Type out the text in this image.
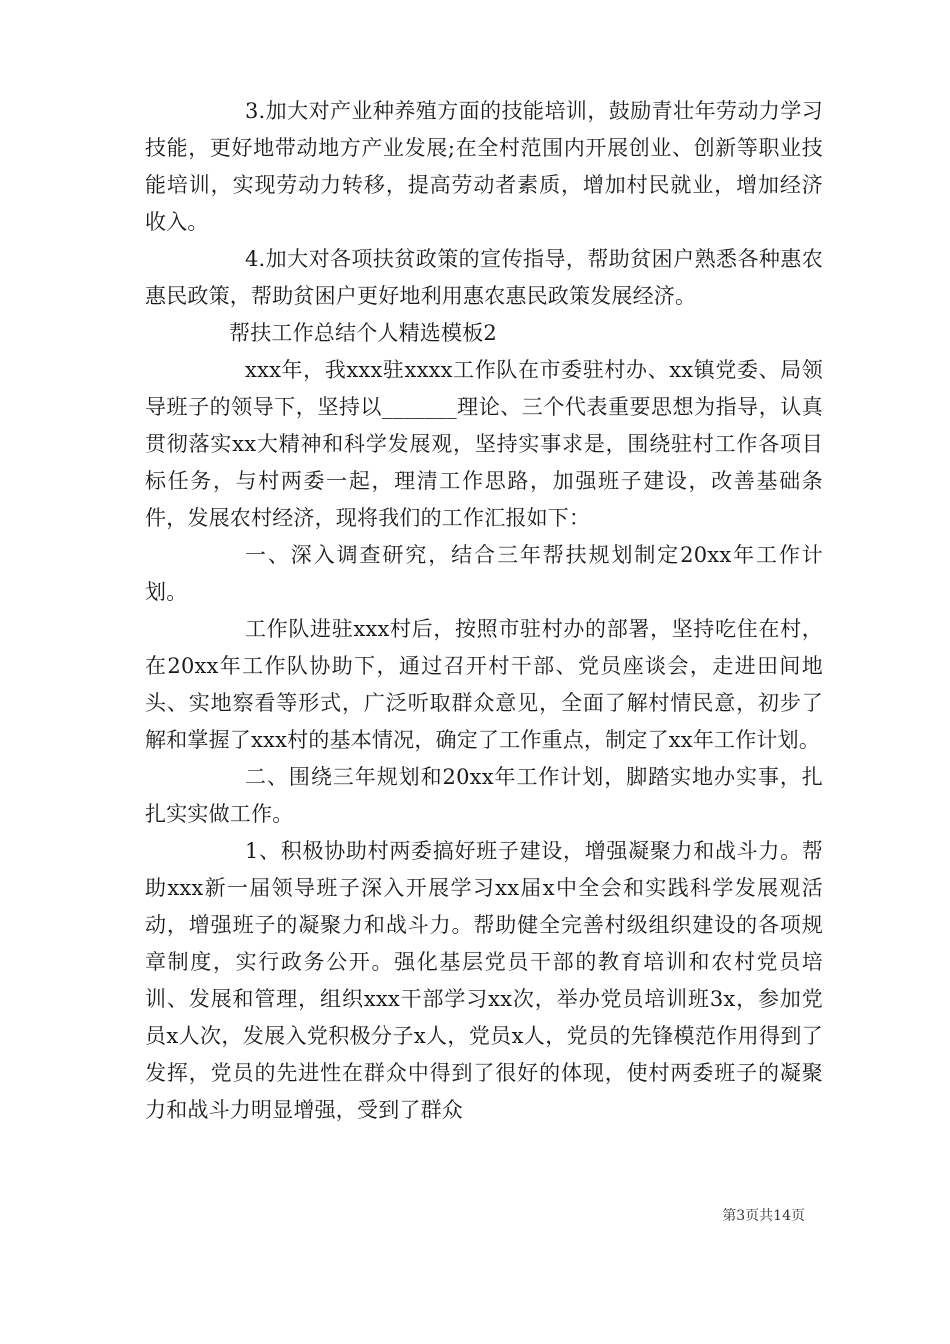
3.加大对产业种养殖方面的技能培训，鼓励青壮年劳动力学习技能，更好地带动地方产业发展;在全村范围内开展创业、创新等职业技能培训，实现劳动力转移，提高劳动者素质，增加村民就业，增加经济收入。

4.加大对各项扶贫政策的宣传指导，帮助贫困户熟悉各种惠农惠民政策，帮助贫困户更好地利用惠农惠民政策发展经济。

帮扶工作总结个人精选模板2

xxx年，我xxx驻xxxx工作队在市委驻村办、xx镇党委、局领导班子的领导下，坚持以_______理论、三个代表重要思想为指导，认真贯彻落实xx大精神和科学发展观，坚持实事求是，围绕驻村工作各项目标任务，与村两委一起，理清工作思路，加强班子建设，改善基础条件，发展农村经济，现将我们的工作汇报如下：

一、深入调查研究，结合三年帮扶规划制定20xx年工作计划。

工作队进驻xxx村后，按照市驻村办的部署，坚持吃住在村，在20xx年工作队协助下，通过召开村干部、党员座谈会，走进田间地头、实地察看等形式，广泛听取群众意见，全面了解村情民意，初步了解和掌握了xxx村的基本情况，确定了工作重点，制定了xx年工作计划。

二、围绕三年规划和20xx年工作计划，脚踏实地办实事，扎扎实实做工作。

1、积极协助村两委搞好班子建设，增强凝聚力和战斗力。帮助xxx新一届领导班子深入开展学习xx届x中全会和实践科学发展观活动，增强班子的凝聚力和战斗力。帮助健全完善村级组织建设的各项规章制度，实行政务公开。强化基层党员干部的教育培训和农村党员培训、发展和管理，组织xxx干部学习xx次，举办党员培训班3x，参加党员x人次，发展入党积极分子x人，党员x人，党员的先锋模范作用得到了发挥，党员的先进性在群众中得到了很好的体现，使村两委班子的凝聚力和战斗力明显增强，受到了群众

第3页共14页
